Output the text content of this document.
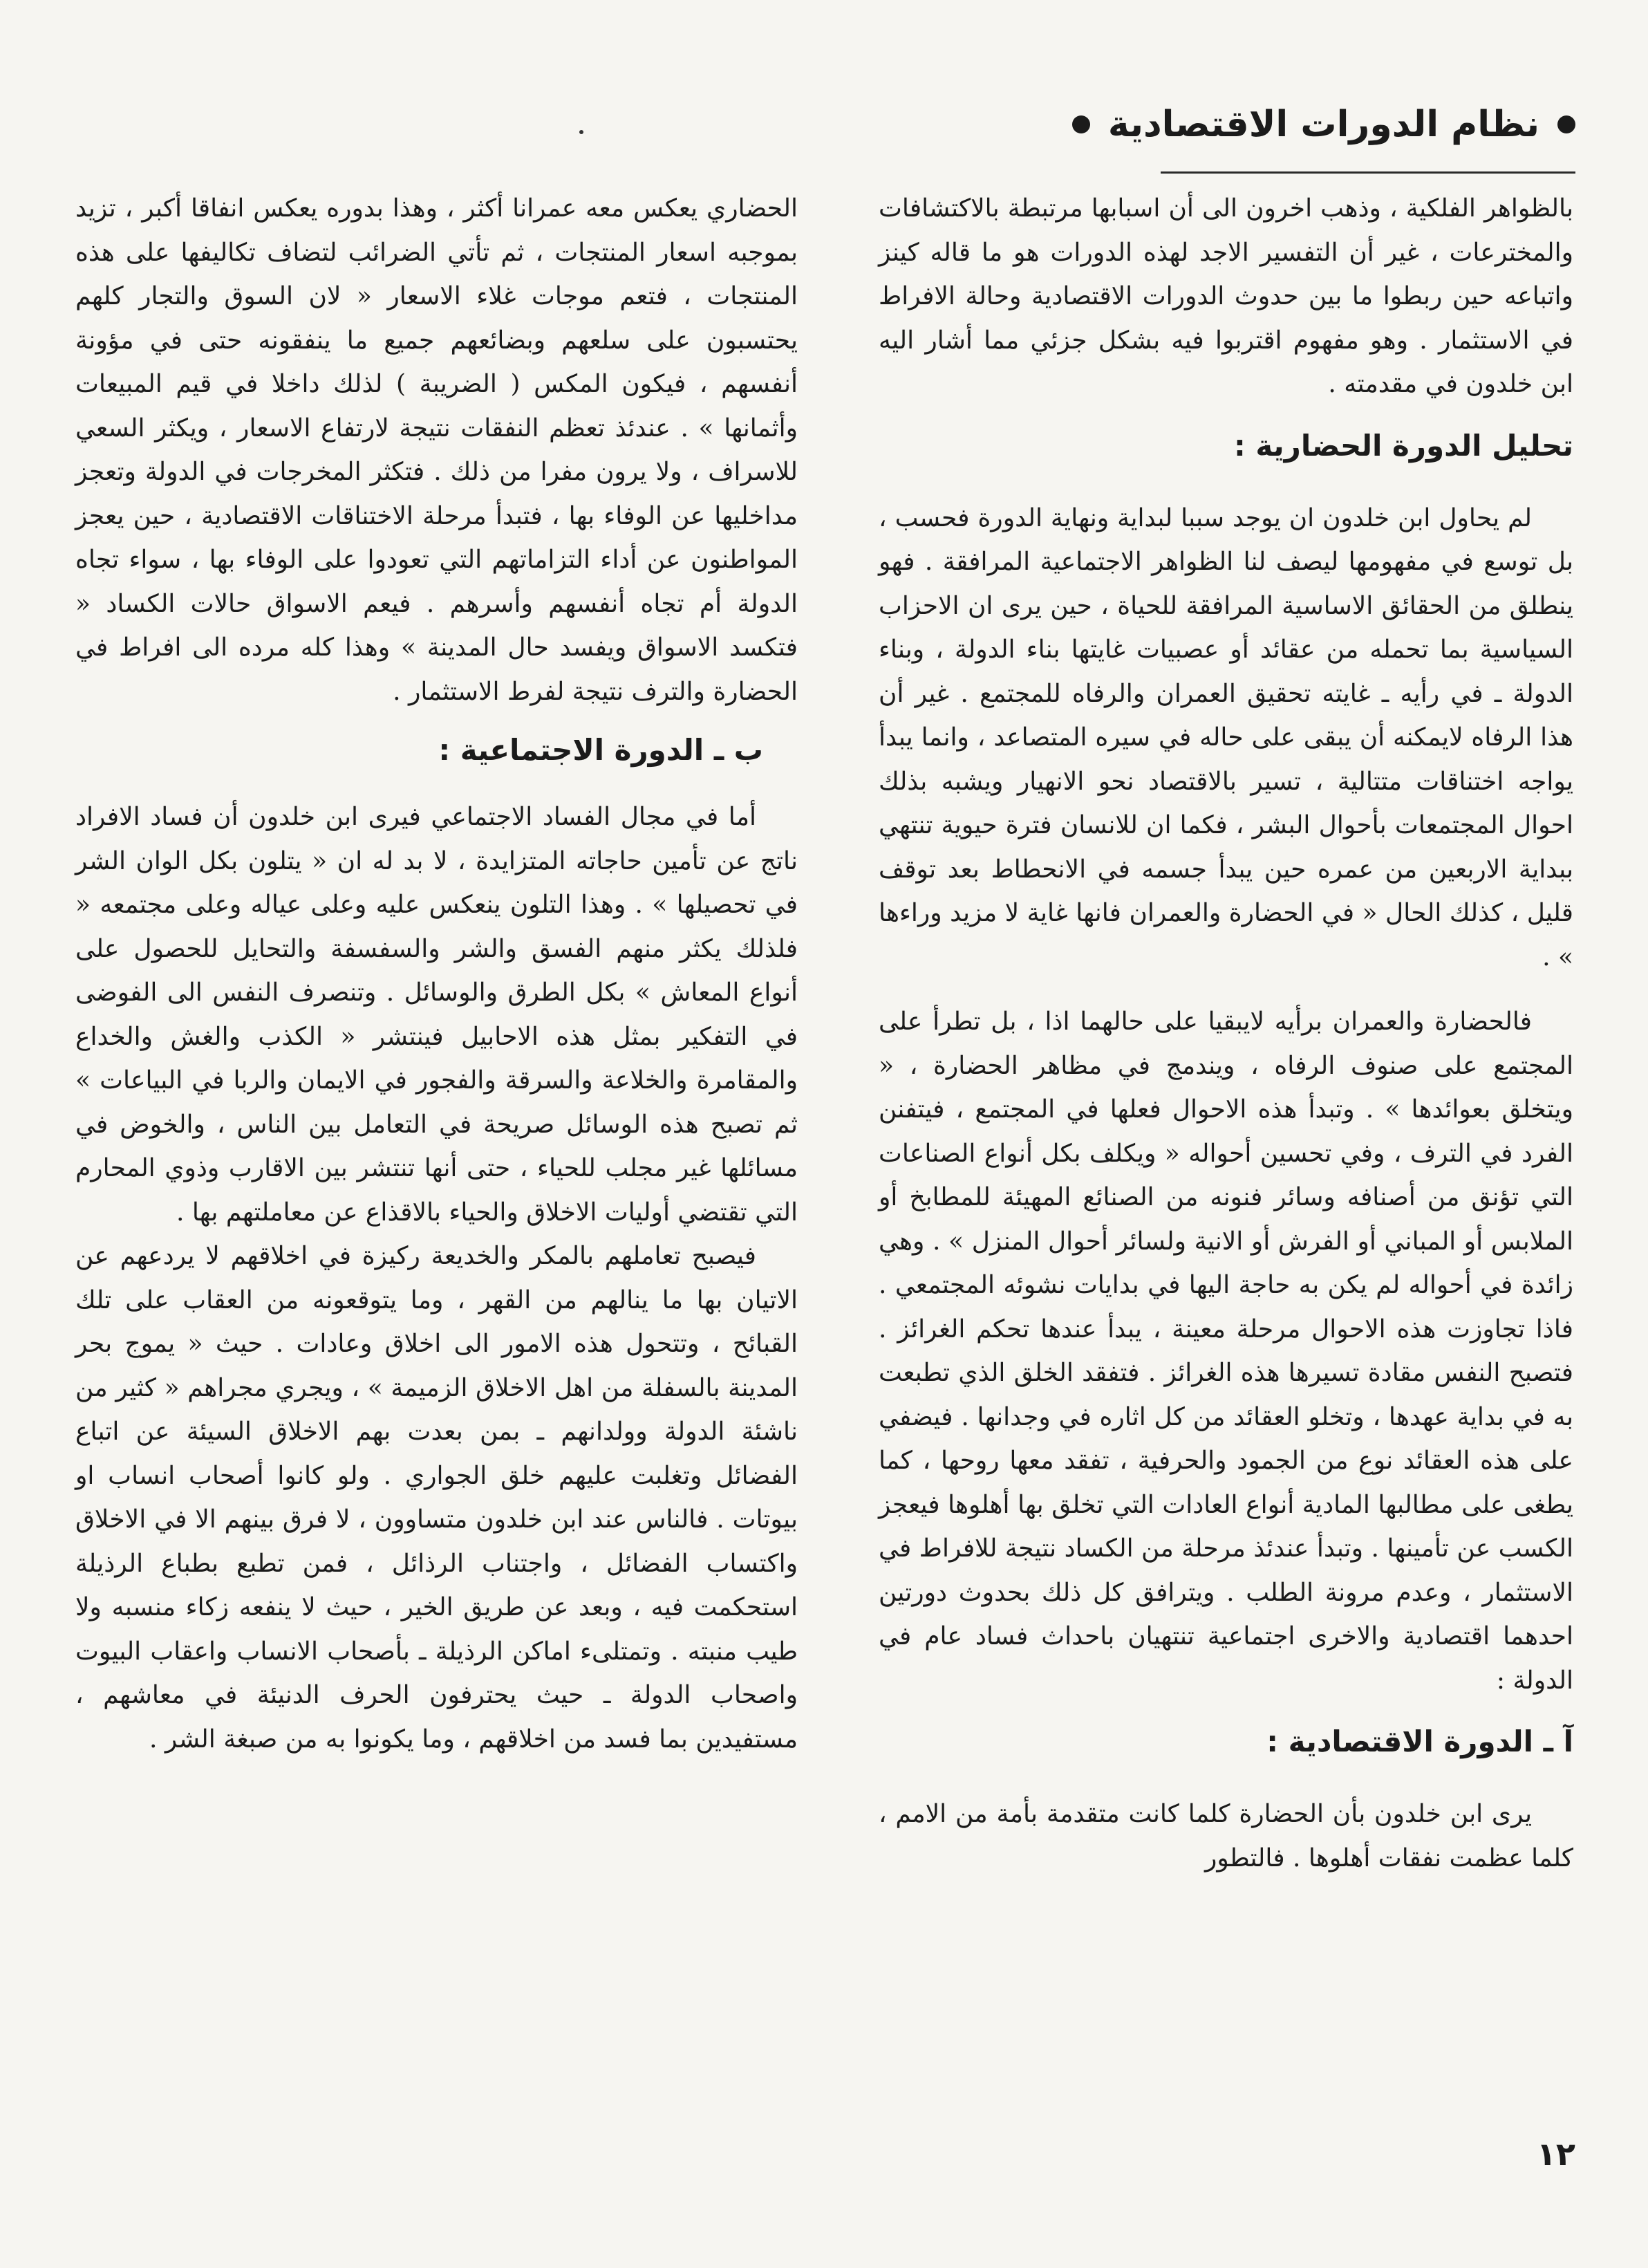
نظام الدورات الاقتصادية

بالظواهر الفلكية ، وذهب اخرون الى أن اسبابها مرتبطة بالاكتشافات والمخترعات ، غير أن التفسير الاجد لهذه الدورات هو ما قاله كينز واتباعه حين ربطوا ما بين حدوث الدورات الاقتصادية وحالة الافراط في الاستثمار . وهو مفهوم اقتربوا فيه بشكل جزئي مما أشار اليه ابن خلدون في مقدمته .

تحليل الدورة الحضارية :

لم يحاول ابن خلدون ان يوجد سببا لبداية ونهاية الدورة فحسب ، بل توسع في مفهومها ليصف لنا الظواهر الاجتماعية المرافقة . فهو ينطلق من الحقائق الاساسية المرافقة للحياة ، حين يرى ان الاحزاب السياسية بما تحمله من عقائد أو عصبيات غايتها بناء الدولة ، وبناء الدولة ـ في رأيه ـ غايته تحقيق العمران والرفاه للمجتمع . غير أن هذا الرفاه لايمكنه أن يبقى على حاله في سيره المتصاعد ، وانما يبدأ يواجه اختناقات متتالية ، تسير بالاقتصاد نحو الانهيار ويشبه بذلك احوال المجتمعات بأحوال البشر ، فكما ان للانسان فترة حيوية تنتهي ببداية الاربعين من عمره حين يبدأ جسمه في الانحطاط بعد توقف قليل ، كذلك الحال « في الحضارة والعمران فانها غاية لا مزيد وراءها » .

فالحضارة والعمران برأيه لايبقيا على حالهما اذا ، بل تطرأ على المجتمع على صنوف الرفاه ، ويندمج في مظاهر الحضارة ، « ويتخلق بعوائدها » . وتبدأ هذه الاحوال فعلها في المجتمع ، فيتفنن الفرد في الترف ، وفي تحسين أحواله « ويكلف بكل أنواع الصناعات التي تؤنق من أصنافه وسائر فنونه من الصنائع المهيئة للمطابخ أو الملابس أو المباني أو الفرش أو الانية ولسائر أحوال المنزل » . وهي زائدة في أحواله لم يكن به حاجة اليها في بدايات نشوئه المجتمعي . فاذا تجاوزت هذه الاحوال مرحلة معينة ، يبدأ عندها تحكم الغرائز . فتصبح النفس مقادة تسيرها هذه الغرائز . فتفقد الخلق الذي تطبعت به في بداية عهدها ، وتخلو العقائد من كل اثاره في وجدانها . فيضفي على هذه العقائد نوع من الجمود والحرفية ، تفقد معها روحها ، كما يطغى على مطالبها المادية أنواع العادات التي تخلق بها أهلوها فيعجز الكسب عن تأمينها . وتبدأ عندئذ مرحلة من الكساد نتيجة للافراط في الاستثمار ، وعدم مرونة الطلب . ويترافق كل ذلك بحدوث دورتين احدهما اقتصادية والاخرى اجتماعية تنتهيان باحداث فساد عام في الدولة :

آ ـ الدورة الاقتصادية :

يرى ابن خلدون بأن الحضارة كلما كانت متقدمة بأمة من الامم ، كلما عظمت نفقات أهلوها . فالتطور

الحضاري يعكس معه عمرانا أكثر ، وهذا بدوره يعكس انفاقا أكبر ، تزيد بموجبه اسعار المنتجات ، ثم تأتي الضرائب لتضاف تكاليفها على هذه المنتجات ، فتعم موجات غلاء الاسعار « لان السوق والتجار كلهم يحتسبون على سلعهم وبضائعهم جميع ما ينفقونه حتى في مؤونة أنفسهم ، فيكون المكس ( الضريبة ) لذلك داخلا في قيم المبيعات وأثمانها » . عندئذ تعظم النفقات نتيجة لارتفاع الاسعار ، ويكثر السعي للاسراف ، ولا يرون مفرا من ذلك . فتكثر المخرجات في الدولة وتعجز مداخليها عن الوفاء بها ، فتبدأ مرحلة الاختناقات الاقتصادية ، حين يعجز المواطنون عن أداء التزاماتهم التي تعودوا على الوفاء بها ، سواء تجاه الدولة أم تجاه أنفسهم وأسرهم . فيعم الاسواق حالات الكساد « فتكسد الاسواق ويفسد حال المدينة » وهذا كله مرده الى افراط في الحضارة والترف نتيجة لفرط الاستثمار .

ب ـ الدورة الاجتماعية :

أما في مجال الفساد الاجتماعي فيرى ابن خلدون أن فساد الافراد ناتج عن تأمين حاجاته المتزايدة ، لا بد له ان « يتلون بكل الوان الشر في تحصيلها » . وهذا التلون ينعكس عليه وعلى عياله وعلى مجتمعه « فلذلك يكثر منهم الفسق والشر والسفسفة والتحايل للحصول على أنواع المعاش » بكل الطرق والوسائل . وتنصرف النفس الى الفوضى في التفكير بمثل هذه الاحابيل فينتشر « الكذب والغش والخداع والمقامرة والخلاعة والسرقة والفجور في الايمان والربا في البياعات » ثم تصبح هذه الوسائل صريحة في التعامل بين الناس ، والخوض في مسائلها غير مجلب للحياء ، حتى أنها تنتشر بين الاقارب وذوي المحارم التي تقتضي أوليات الاخلاق والحياء بالاقذاع عن معاملتهم بها .

فيصبح تعاملهم بالمكر والخديعة ركيزة في اخلاقهم لا يردعهم عن الاتيان بها ما ينالهم من القهر ، وما يتوقعونه من العقاب على تلك القبائح ، وتتحول هذه الامور الى اخلاق وعادات . حيث « يموج بحر المدينة بالسفلة من اهل الاخلاق الزميمة » ، ويجري مجراهم « كثير من ناشئة الدولة وولدانهم ـ بمن بعدت بهم الاخلاق السيئة عن اتباع الفضائل وتغلبت عليهم خلق الجواري . ولو كانوا أصحاب انساب او بيوتات . فالناس عند ابن خلدون متساوون ، لا فرق بينهم الا في الاخلاق واكتساب الفضائل ، واجتناب الرذائل ، فمن تطبع بطباع الرذيلة استحكمت فيه ، وبعد عن طريق الخير ، حيث لا ينفعه زكاء منسبه ولا طيب منبته . وتمتلىء اماكن الرذيلة ـ بأصحاب الانساب واعقاب البيوت واصحاب الدولة ـ حيث يحترفون الحرف الدنيئة في معاشهم ، مستفيدين بما فسد من اخلاقهم ، وما يكونوا به من صبغة الشر .

١٢
